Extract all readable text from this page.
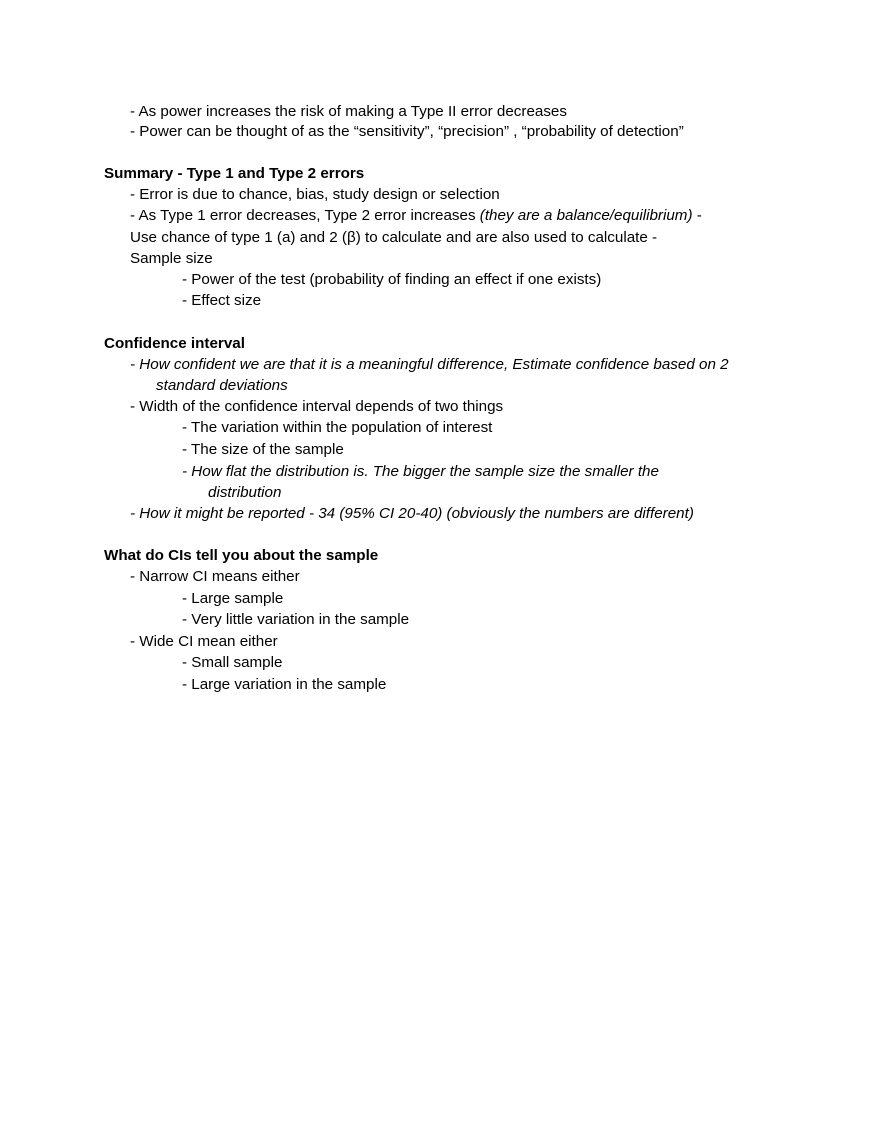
- As power increases the risk of making a Type II error decreases
- Power can be thought of as the “sensitivity”, “precision” , “probability of detection”
Summary - Type 1 and Type 2 errors
- Error is due to chance, bias, study design or selection
- As Type 1 error decreases, Type 2 error increases (they are a balance/equilibrium) -
Use chance of type 1 (a) and 2 (β) to calculate and are also used to calculate -
Sample size
- Power of the test (probability of finding an effect if one exists)
- Effect size
Confidence interval
- How confident we are that it is a meaningful difference, Estimate confidence based on 2
standard deviations
- Width of the confidence interval depends of two things
- The variation within the population of interest
- The size of the sample
- How flat the distribution is. The bigger the sample size the smaller the
distribution
- How it might be reported - 34 (95% CI 20-40) (obviously the numbers are different)
What do CIs tell you about the sample
- Narrow CI means either
- Large sample
- Very little variation in the sample
- Wide CI mean either
- Small sample
- Large variation in the sample
